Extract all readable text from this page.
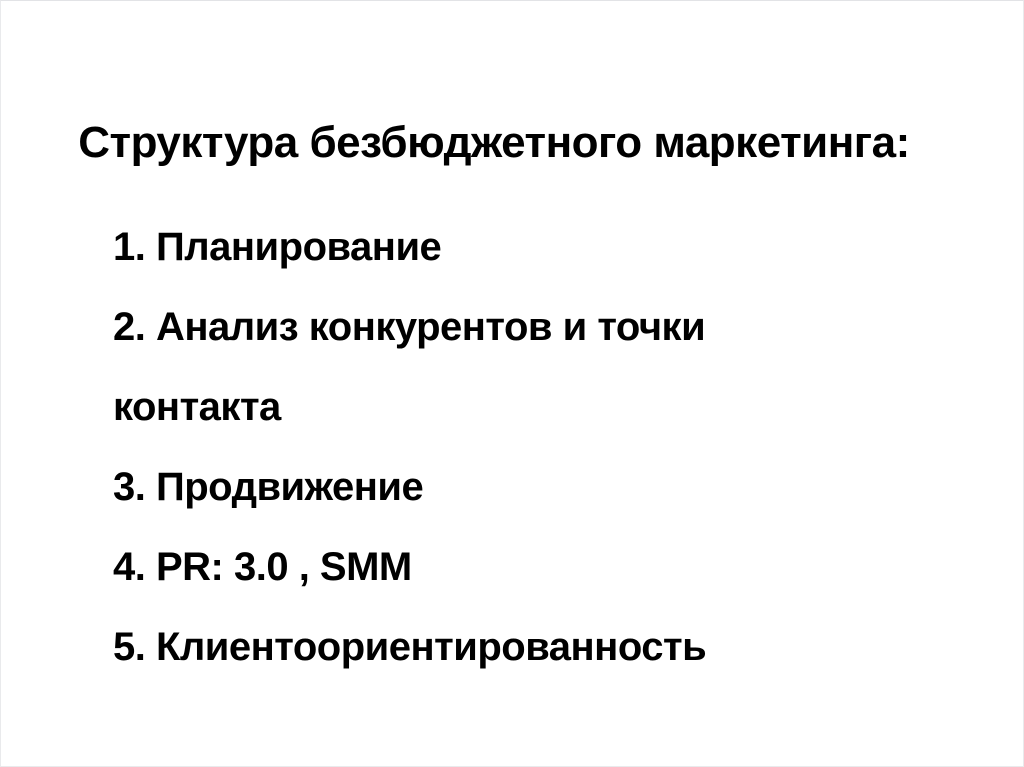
Структура безбюджетного маркетинга:

1. Планирование

2. Анализ конкурентов и точки контакта

3. Продвижение

4. PR: 3.0 , SMM

5. Клиентоориентированность
